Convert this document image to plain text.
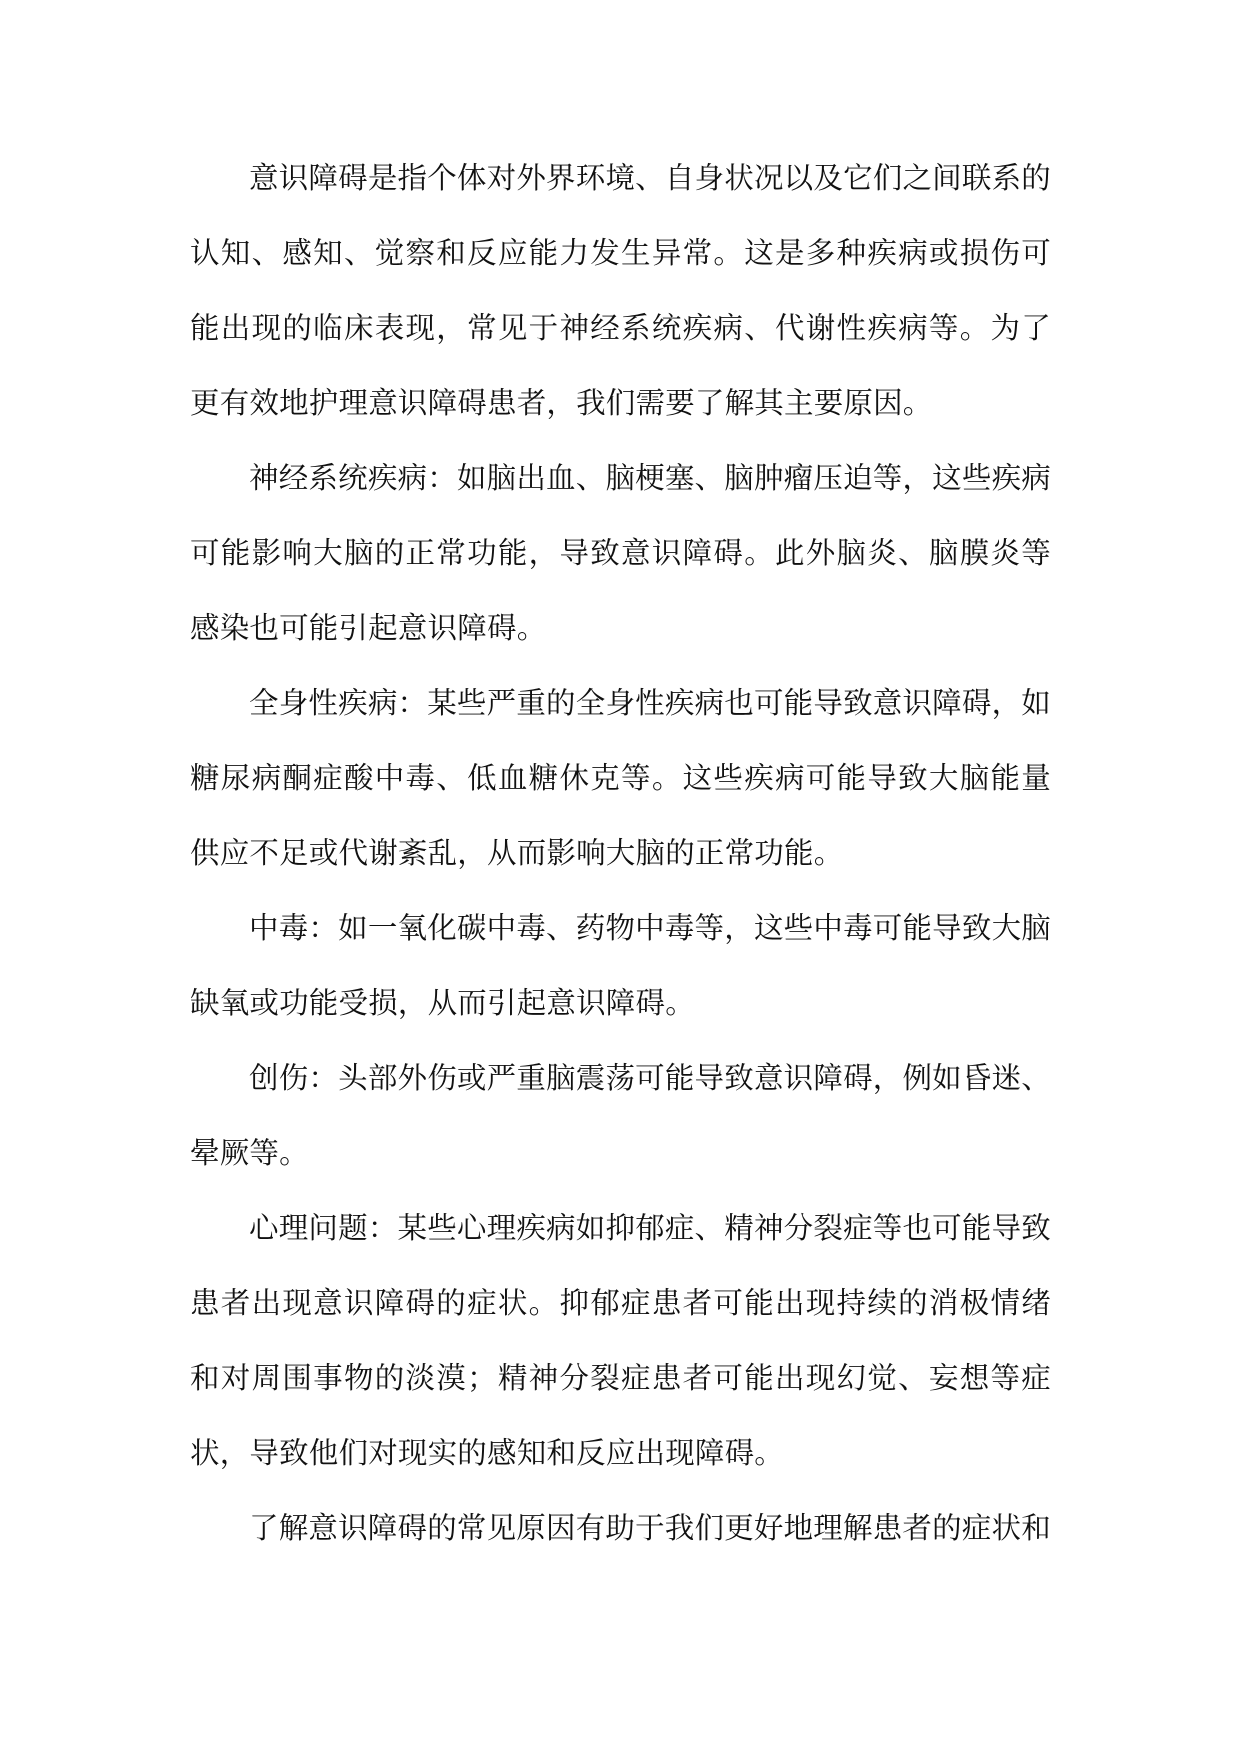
意识障碍是指个体对外界环境、自身状况以及它们之间联系的认知、感知、觉察和反应能力发生异常。这是多种疾病或损伤可能出现的临床表现，常见于神经系统疾病、代谢性疾病等。为了更有效地护理意识障碍患者，我们需要了解其主要原因。

神经系统疾病：如脑出血、脑梗塞、脑肿瘤压迫等，这些疾病可能影响大脑的正常功能，导致意识障碍。此外脑炎、脑膜炎等感染也可能引起意识障碍。

全身性疾病：某些严重的全身性疾病也可能导致意识障碍，如糖尿病酮症酸中毒、低血糖休克等。这些疾病可能导致大脑能量供应不足或代谢紊乱，从而影响大脑的正常功能。

中毒：如一氧化碳中毒、药物中毒等，这些中毒可能导致大脑缺氧或功能受损，从而引起意识障碍。

创伤：头部外伤或严重脑震荡可能导致意识障碍，例如昏迷、晕厥等。

心理问题：某些心理疾病如抑郁症、精神分裂症等也可能导致患者出现意识障碍的症状。抑郁症患者可能出现持续的消极情绪和对周围事物的淡漠；精神分裂症患者可能出现幻觉、妄想等症状，导致他们对现实的感知和反应出现障碍。

了解意识障碍的常见原因有助于我们更好地理解患者的症状和
